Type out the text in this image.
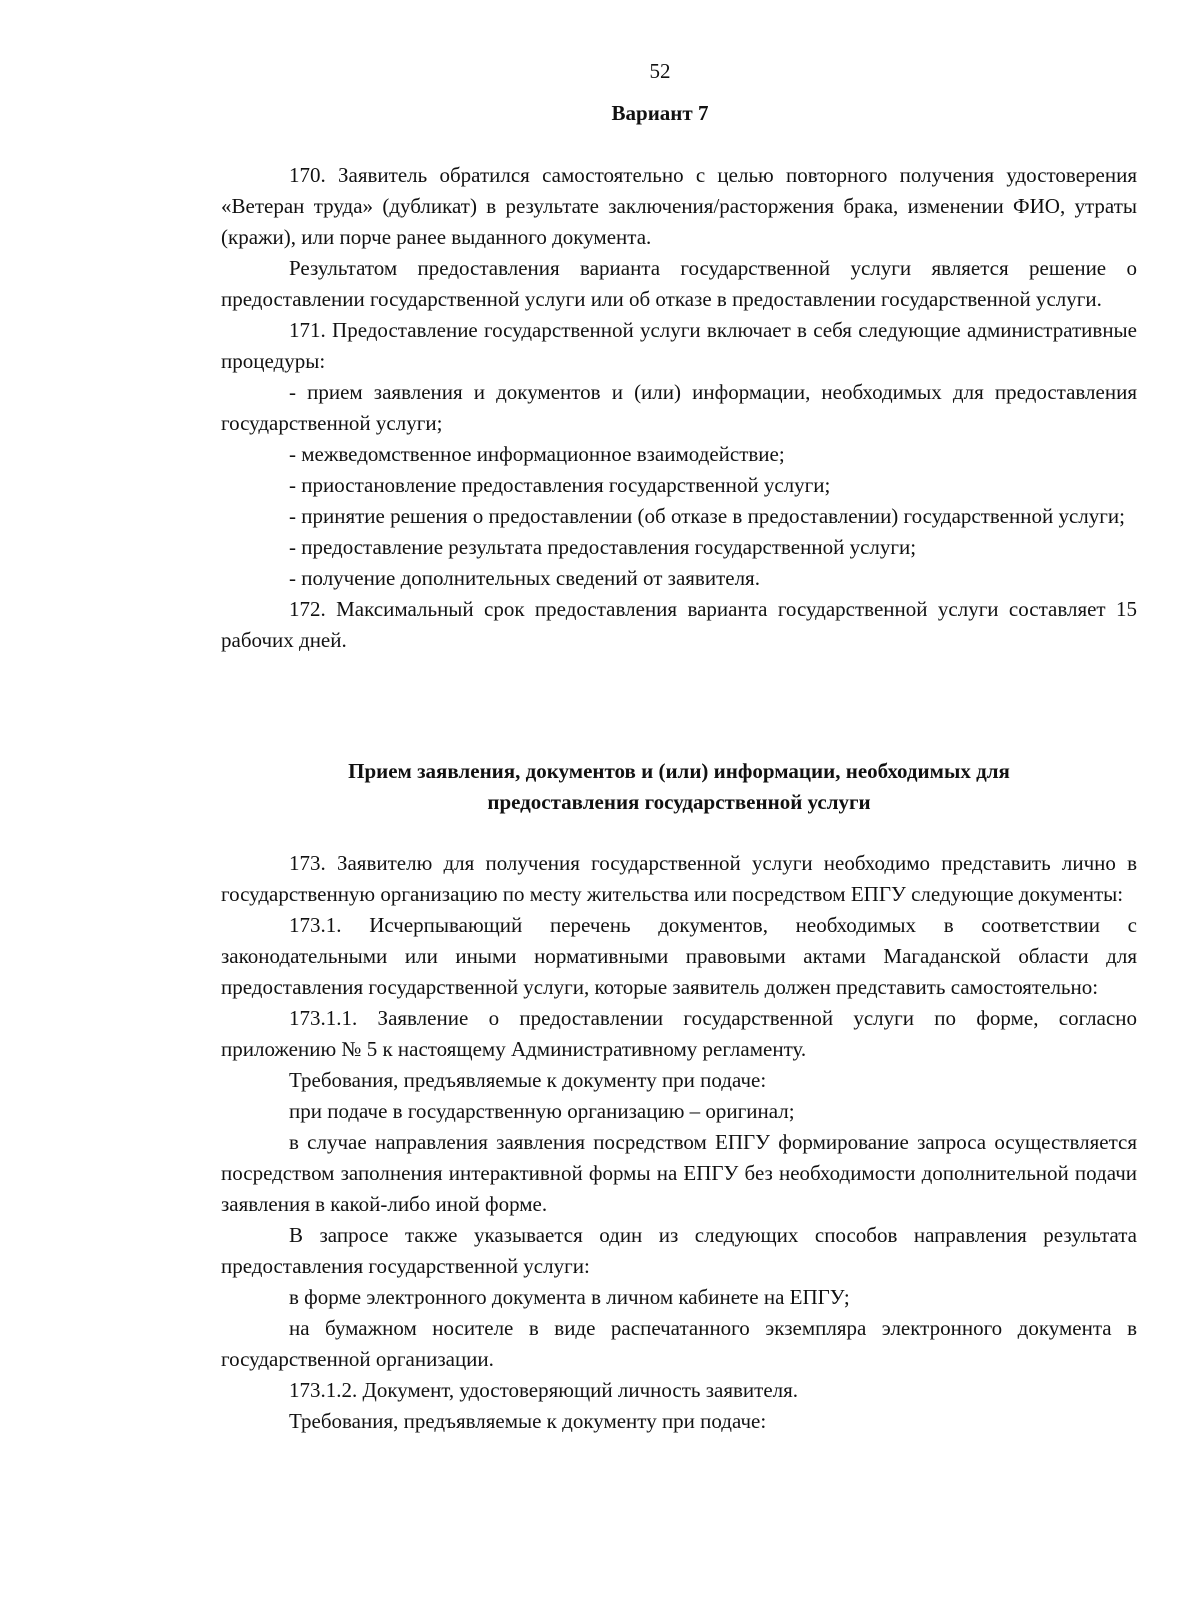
52
Вариант 7

170. Заявитель обратился самостоятельно с целью повторного получения удостоверения «Ветеран труда» (дубликат) в результате заключения/расторжения брака, изменении ФИО, утраты (кражи), или порче ранее выданного документа.

Результатом предоставления варианта государственной услуги является решение о предоставлении государственной услуги или об отказе в предоставлении государственной услуги.

171. Предоставление государственной услуги включает в себя следующие административные процедуры:

- прием заявления и документов и (или) информации, необходимых для предоставления государственной услуги;

- межведомственное информационное взаимодействие;

- приостановление предоставления государственной услуги;

- принятие решения о предоставлении (об отказе в предоставлении) государственной услуги;

- предоставление результата предоставления государственной услуги;

- получение дополнительных сведений от заявителя.

172. Максимальный срок предоставления варианта государственной услуги составляет 15 рабочих дней.

Прием заявления, документов и (или) информации, необходимых для
предоставления государственной услуги

173. Заявителю для получения государственной услуги необходимо представить лично в государственную организацию по месту жительства или посредством ЕПГУ следующие документы:

173.1. Исчерпывающий перечень документов, необходимых в соответствии с законодательными или иными нормативными правовыми актами Магаданской области для предоставления государственной услуги, которые заявитель должен представить самостоятельно:

173.1.1. Заявление о предоставлении государственной услуги по форме, согласно приложению № 5 к настоящему Административному регламенту.

Требования, предъявляемые к документу при подаче:

при подаче в государственную организацию – оригинал;

в случае направления заявления посредством ЕПГУ формирование запроса осуществляется посредством заполнения интерактивной формы на ЕПГУ без необходимости дополнительной подачи заявления в какой-либо иной форме.

В запросе также указывается один из следующих способов направления результата предоставления государственной услуги:

в форме электронного документа в личном кабинете на ЕПГУ;

на бумажном носителе в виде распечатанного экземпляра электронного документа в государственной организации.

173.1.2. Документ, удостоверяющий личность заявителя.

Требования, предъявляемые к документу при подаче:
